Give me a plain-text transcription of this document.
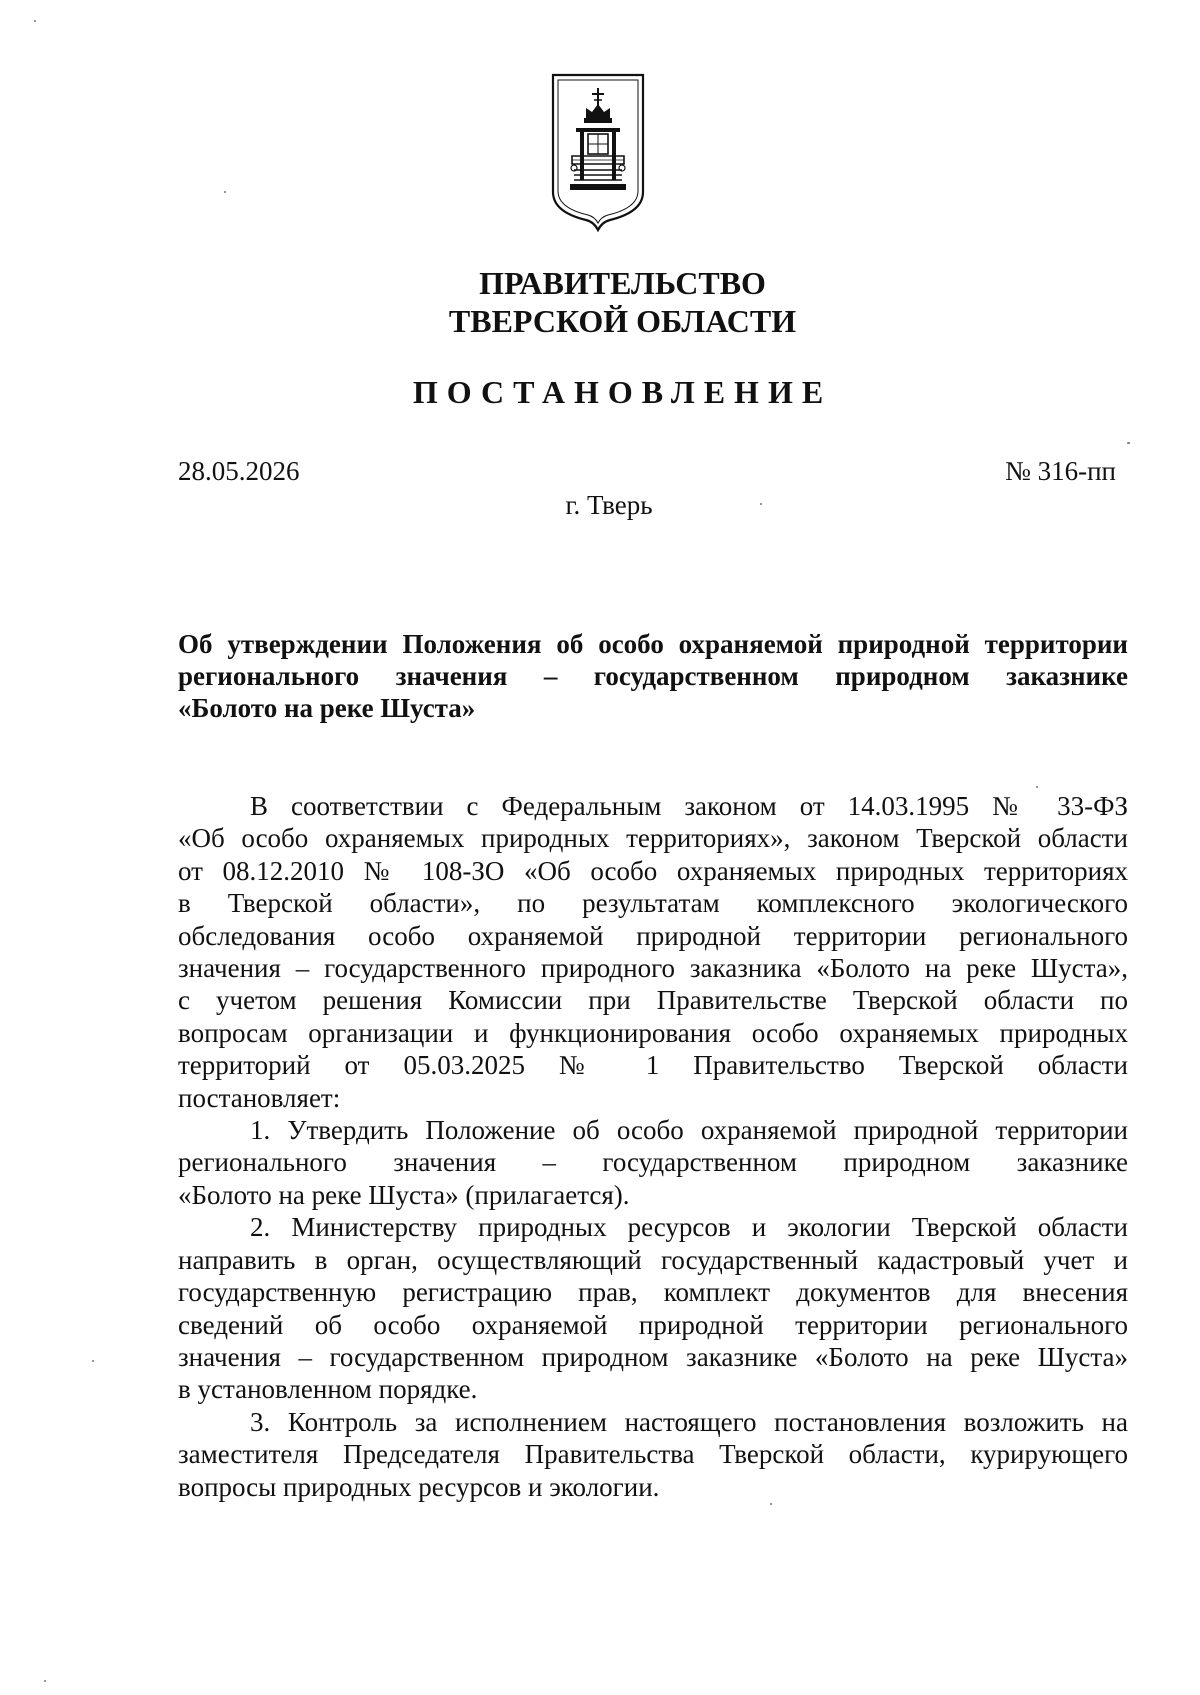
ПРАВИТЕЛЬСТВО
ТВЕРСКОЙ ОБЛАСТИ
ПОСТАНОВЛЕНИЕ
28.05.2026	№ 316-пп
г. Тверь
Об утверждении Положения об особо охраняемой природной территории
регионального значения – государственном природном заказнике
«Болото на реке Шуста»
В соответствии с Федеральным законом от 14.03.1995 № 33-ФЗ
«Об особо охраняемых природных территориях», законом Тверской области
от 08.12.2010 № 108-ЗО «Об особо охраняемых природных территориях
в Тверской области», по результатам комплексного экологического
обследования особо охраняемой природной территории регионального
значения – государственного природного заказника «Болото на реке Шуста»,
с учетом решения Комиссии при Правительстве Тверской области по
вопросам организации и функционирования особо охраняемых природных
территорий от 05.03.2025 № 1 Правительство Тверской области
постановляет:
1. Утвердить Положение об особо охраняемой природной территории
регионального значения – государственном природном заказнике
«Болото на реке Шуста» (прилагается).
2. Министерству природных ресурсов и экологии Тверской области
направить в орган, осуществляющий государственный кадастровый учет и
государственную регистрацию прав, комплект документов для внесения
сведений об особо охраняемой природной территории регионального
значения – государственном природном заказнике «Болото на реке Шуста»
в установленном порядке.
3. Контроль за исполнением настоящего постановления возложить на
заместителя Председателя Правительства Тверской области, курирующего
вопросы природных ресурсов и экологии.
